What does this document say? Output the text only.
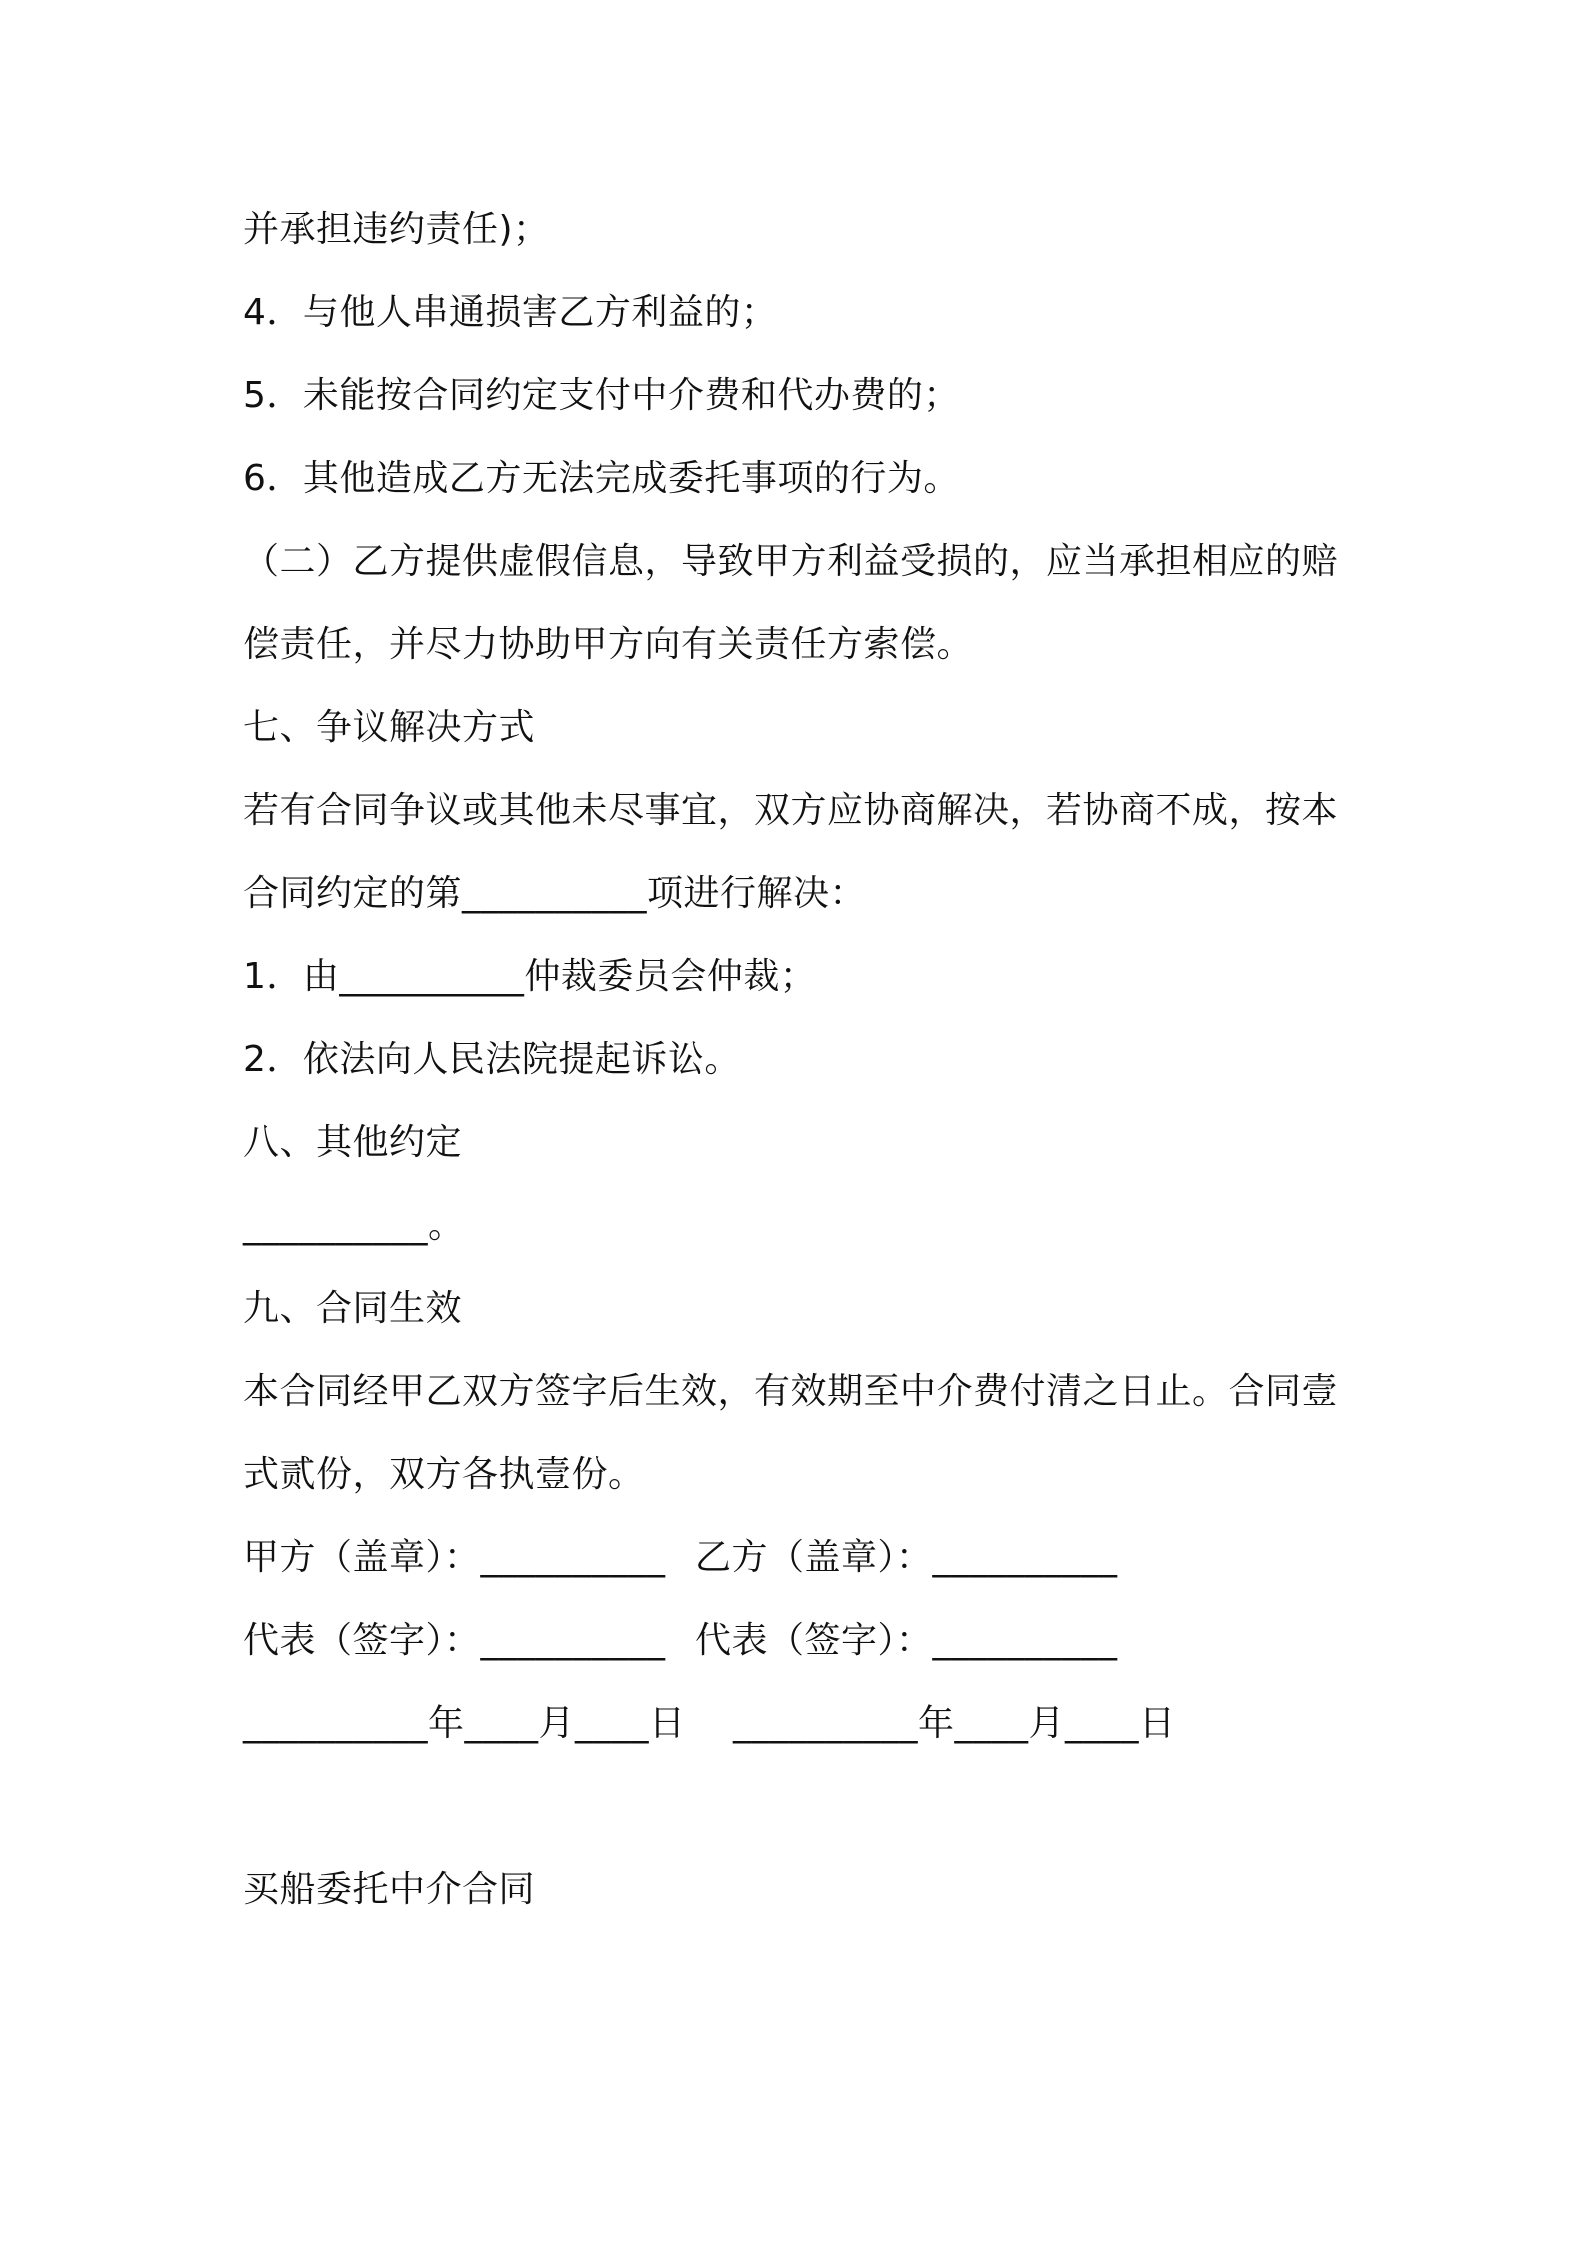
并承担违约责任)；
4．与他人串通损害乙方利益的；
5．未能按合同约定支付中介费和代办费的；
6．其他造成乙方无法完成委托事项的行为。
（二）乙方提供虚假信息，导致甲方利益受损的，应当承担相应的赔
偿责任，并尽力协助甲方向有关责任方索偿。
七、争议解决方式
若有合同争议或其他未尽事宜，双方应协商解决，若协商不成，按本
合同约定的第__________项进行解决：
1．由__________仲裁委员会仲裁；
2．依法向人民法院提起诉讼。
八、其他约定
__________。
九、合同生效
本合同经甲乙双方签字后生效，有效期至中介费付清之日止。合同壹
式贰份，双方各执壹份。
甲方（盖章）：__________ 乙方（盖章）：__________
代表（签字）：__________ 代表（签字）：__________
__________年____月____日 __________年____月____日
买船委托中介合同
